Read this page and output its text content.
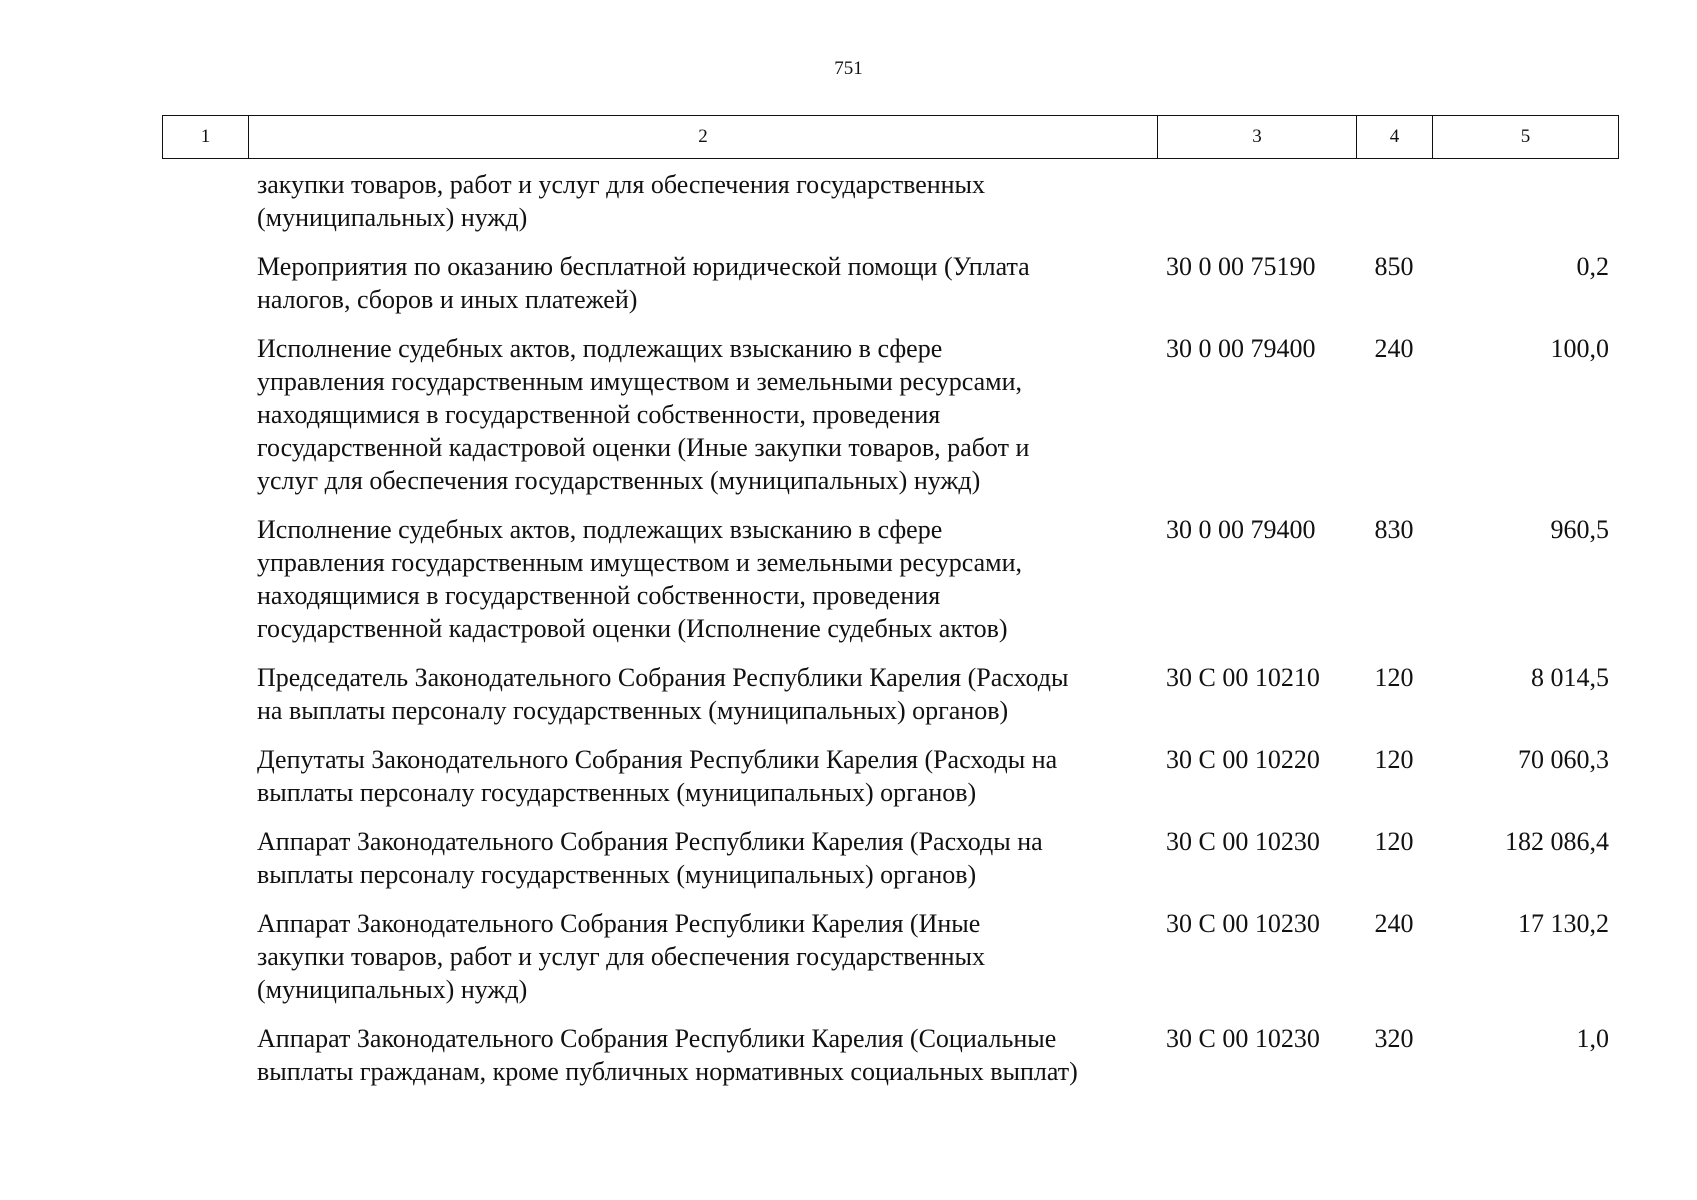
751
1	2	3	4	5
закупки товаров, работ и услуг для обеспечения государственных
(муниципальных) нужд)
Мероприятия по оказанию бесплатной юридической помощи (Уплата
налогов, сборов и иных платежей)
30 0 00 75190	850	0,2
Исполнение судебных актов, подлежащих взысканию в сфере
управления государственным имуществом и земельными ресурсами,
находящимися в государственной собственности, проведения
государственной кадастровой оценки (Иные закупки товаров, работ и
услуг для обеспечения государственных (муниципальных) нужд)
30 0 00 79400	240	100,0
Исполнение судебных актов, подлежащих взысканию в сфере
управления государственным имуществом и земельными ресурсами,
находящимися в государственной собственности, проведения
государственной кадастровой оценки (Исполнение судебных актов)
30 0 00 79400	830	960,5
Председатель Законодательного Собрания Республики Карелия (Расходы
на выплаты персоналу государственных (муниципальных) органов)
30 С 00 10210	120	8 014,5
Депутаты Законодательного Собрания Республики Карелия (Расходы на
выплаты персоналу государственных (муниципальных) органов)
30 С 00 10220	120	70 060,3
Аппарат Законодательного Собрания Республики Карелия (Расходы на
выплаты персоналу государственных (муниципальных) органов)
30 С 00 10230	120	182 086,4
Аппарат Законодательного Собрания Республики Карелия (Иные
закупки товаров, работ и услуг для обеспечения государственных
(муниципальных) нужд)
30 С 00 10230	240	17 130,2
Аппарат Законодательного Собрания Республики Карелия (Социальные
выплаты гражданам, кроме публичных нормативных социальных выплат)
30 С 00 10230	320	1,0
